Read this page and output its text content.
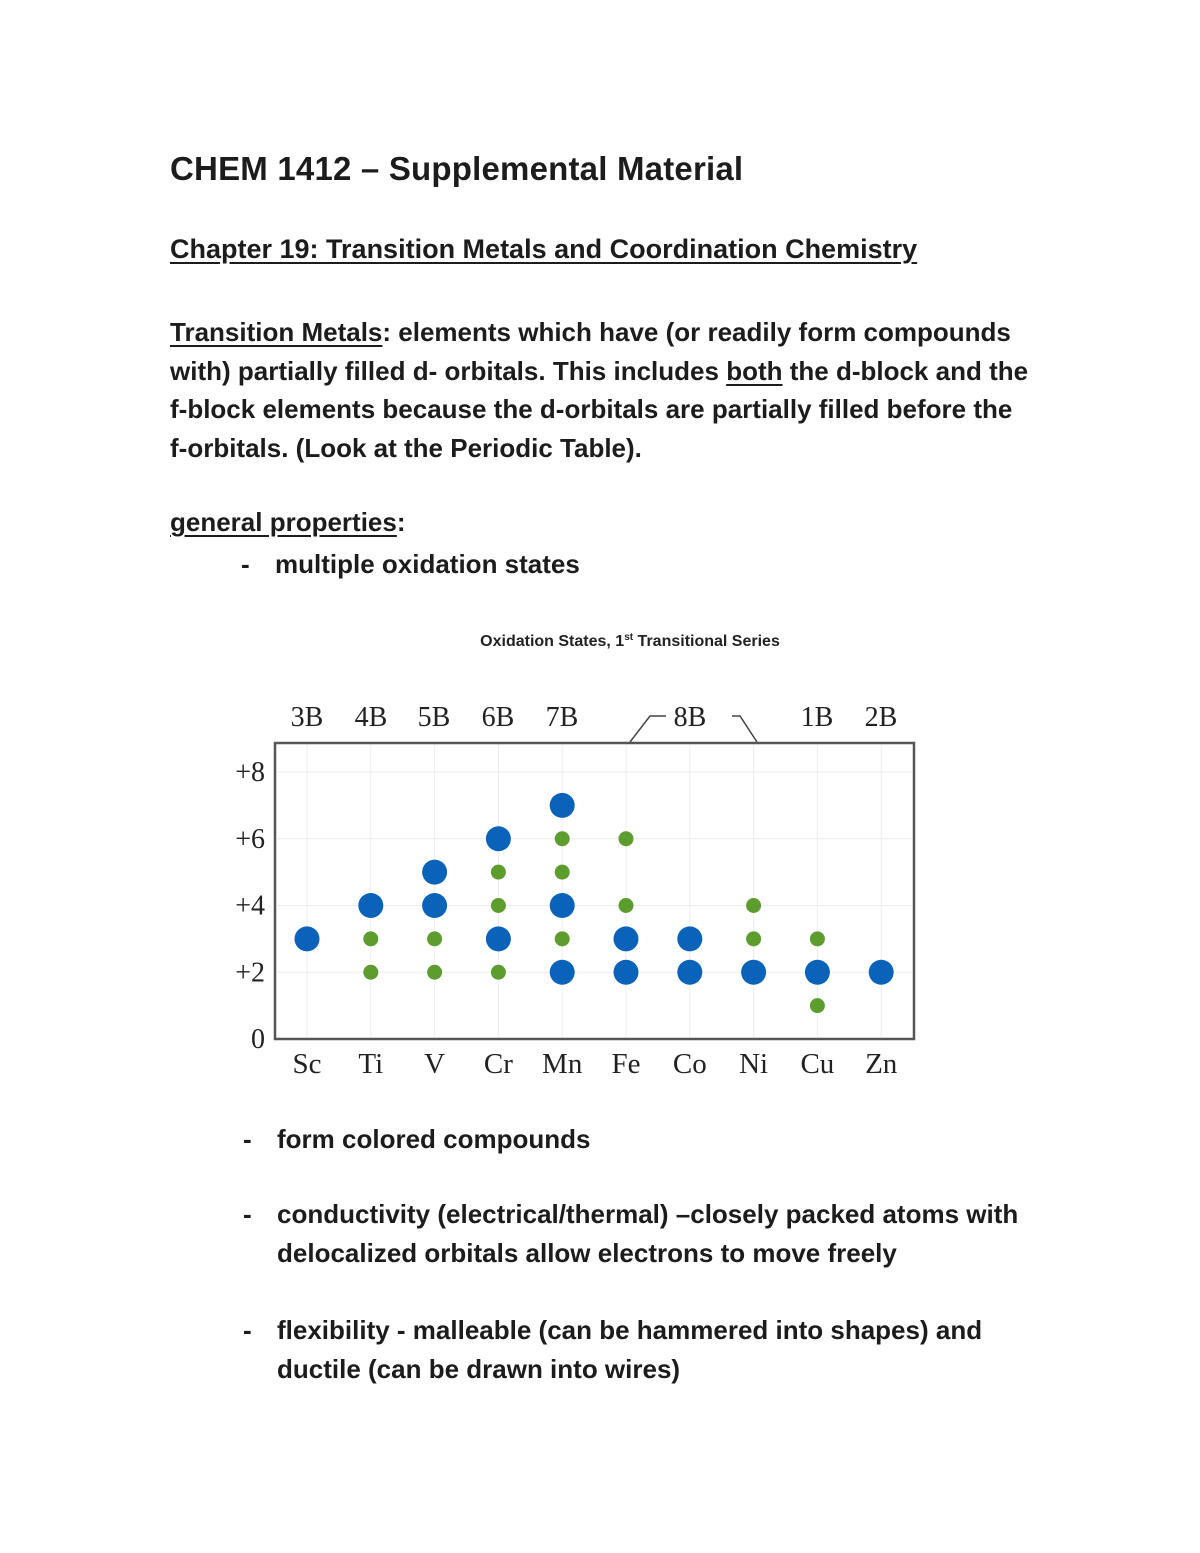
CHEM 1412 – Supplemental Material
Chapter 19: Transition Metals and Coordination Chemistry

Transition Metals: elements which have (or readily form compounds with) partially filled d- orbitals. This includes both the d-block and the f-block elements because the d-orbitals are partially filled before the f-orbitals. (Look at the Periodic Table).

general properties:
- multiple oxidation states
Oxidation States, 1st Transitional Series
0
+2
+4
+6
+8
3B 4B 5B 6B 7B	8B	1B 2B
Sc Ti V Cr Mn Fe Co Ni Cu Zn
- form colored compounds
- conductivity (electrical/thermal) –closely packed atoms with delocalized orbitals allow electrons to move freely
- flexibility - malleable (can be hammered into shapes) and ductile (can be drawn into wires)
